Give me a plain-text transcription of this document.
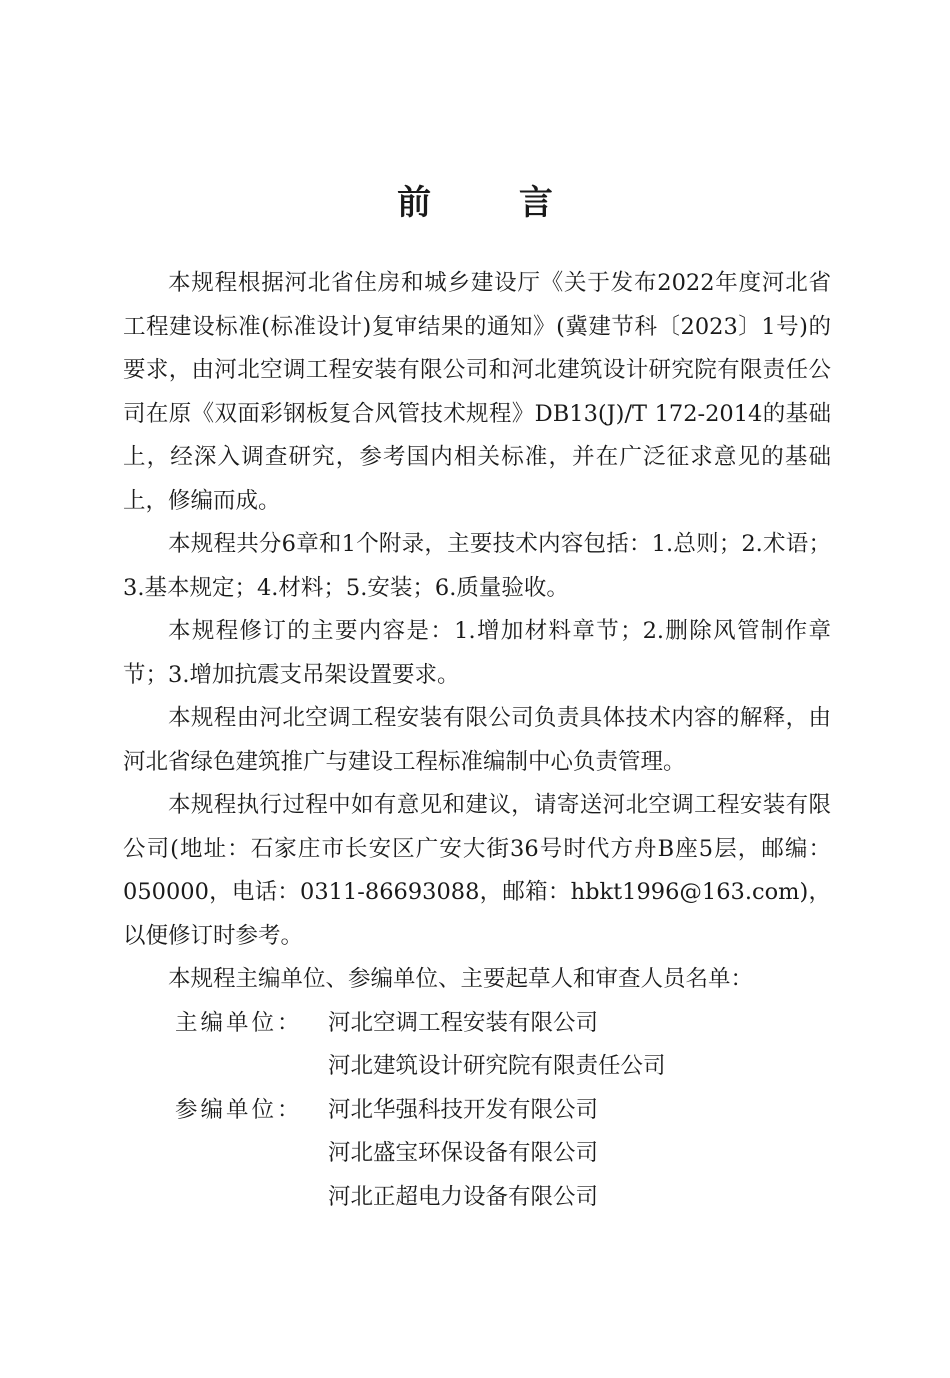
前 言

本规程根据河北省住房和城乡建设厅《关于发布2022年度河北省工程建设标准(标准设计)复审结果的通知》(冀建节科〔2023〕1号)的要求，由河北空调工程安装有限公司和河北建筑设计研究院有限责任公司在原《双面彩钢板复合风管技术规程》DB13(J)/T 172-2014的基础上，经深入调查研究，参考国内相关标准，并在广泛征求意见的基础上，修编而成。

本规程共分6章和1个附录，主要技术内容包括：1.总则；2.术语；3.基本规定；4.材料；5.安装；6.质量验收。

本规程修订的主要内容是：1.增加材料章节；2.删除风管制作章节；3.增加抗震支吊架设置要求。

本规程由河北空调工程安装有限公司负责具体技术内容的解释，由河北省绿色建筑推广与建设工程标准编制中心负责管理。

本规程执行过程中如有意见和建议，请寄送河北空调工程安装有限公司(地址：石家庄市长安区广安大街36号时代方舟B座5层，邮编：050000，电话：0311-86693088，邮箱：hbkt1996@163.com)，以便修订时参考。

本规程主编单位、参编单位、主要起草人和审查人员名单：

主编单位 ：	河北空调工程安装有限公司
河北建筑设计研究院有限责任公司
参编单位 ：	河北华强科技开发有限公司
河北盛宝环保设备有限公司
河北正超电力设备有限公司
